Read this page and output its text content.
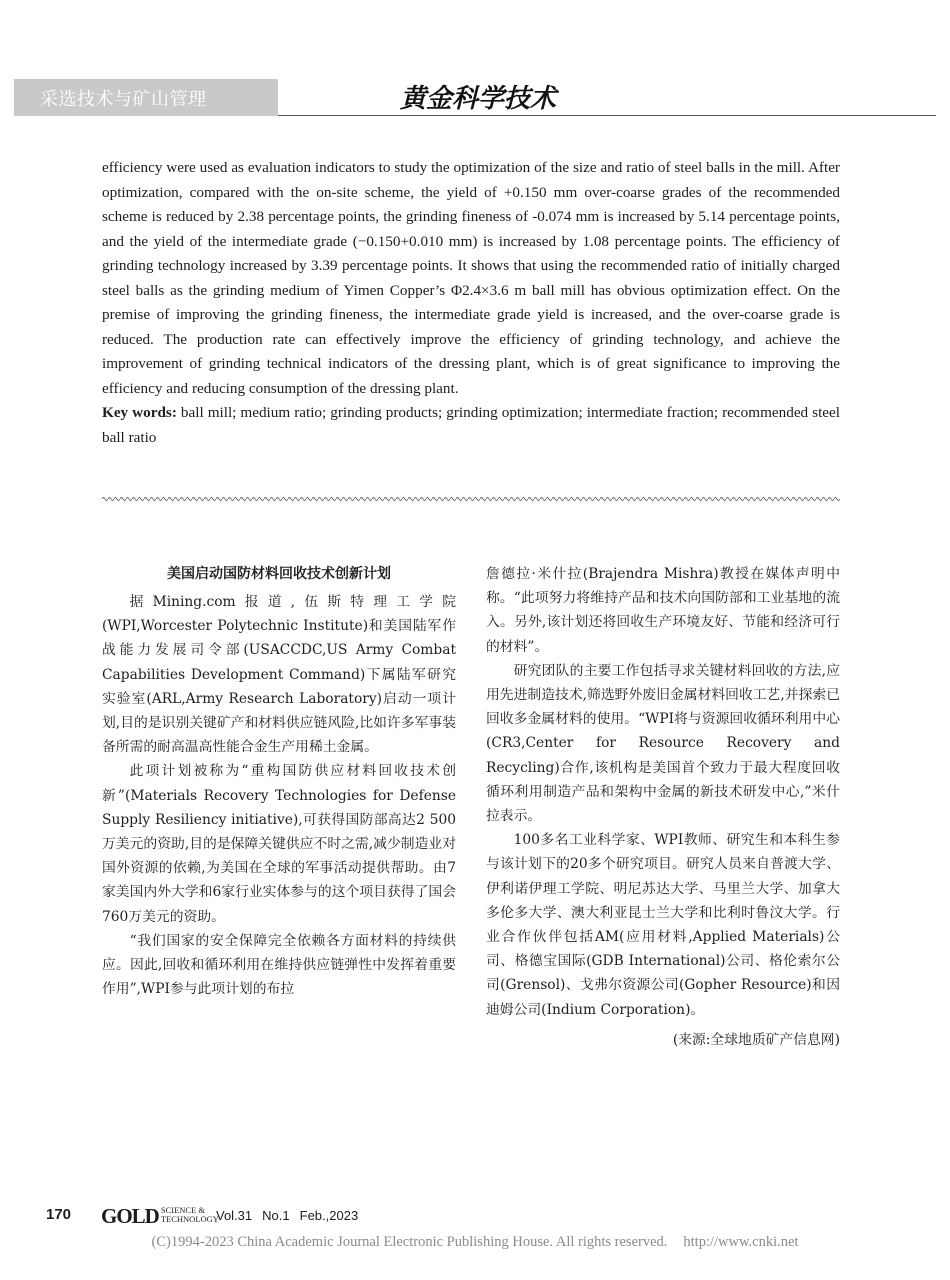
采选技术与矿山管理	黄金科学技术

efficiency were used as evaluation indicators to study the optimization of the size and ratio of steel balls in the mill. After optimization, compared with the on-site scheme, the yield of +0.150 mm over-coarse grades of the recommended scheme is reduced by 2.38 percentage points, the grinding fineness of -0.074 mm is increased by 5.14 percentage points, and the yield of the intermediate grade (−0.150+0.010 mm) is increased by 1.08 percentage points. The efficiency of grinding technology increased by 3.39 percentage points. It shows that using the recommended ratio of initially charged steel balls as the grinding medium of Yimen Copper’s Φ2.4×3.6 m ball mill has obvious optimization effect. On the premise of improving the grinding fineness, the intermediate grade yield is increased, and the over-coarse grade is reduced. The production rate can effectively improve the efficiency of grinding technology, and achieve the improvement of grinding technical indicators of the dressing plant, which is of great significance to improving the efficiency and reducing consumption of the dressing plant.

Key words: ball mill; medium ratio; grinding products; grinding optimization; intermediate fraction; recommended steel ball ratio

美国启动国防材料回收技术创新计划

据Mining.com报道,伍斯特理工学院(WPI,Worcester Polytechnic Institute)和美国陆军作战能力发展司令部(USACCDC,US Army Combat Capabilities Development Command)下属陆军研究实验室(ARL,Army Research Laboratory)启动一项计划,目的是识别关键矿产和材料供应链风险,比如许多军事装备所需的耐高温高性能合金生产用稀土金属。

此项计划被称为“重构国防供应材料回收技术创新”(Materials Recovery Technologies for Defense Supply Resiliency initiative),可获得国防部高达2 500万美元的资助,目的是保障关键供应不时之需,减少制造业对国外资源的依赖,为美国在全球的军事活动提供帮助。由7家美国内外大学和6家行业实体参与的这个项目获得了国会760万美元的资助。

“我们国家的安全保障完全依赖各方面材料的持续供应。因此,回收和循环利用在维持供应链弹性中发挥着重要作用”,WPI参与此项计划的布拉

詹德拉·米什拉(Brajendra Mishra)教授在媒体声明中称。“此项努力将维持产品和技术向国防部和工业基地的流入。另外,该计划还将回收生产环境友好、节能和经济可行的材料”。

研究团队的主要工作包括寻求关键材料回收的方法,应用先进制造技术,筛选野外废旧金属材料回收工艺,并探索已回收多金属材料的使用。“WPI将与资源回收循环利用中心(CR3,Center for Resource Recovery and Recycling)合作,该机构是美国首个致力于最大程度回收循环利用制造产品和架构中金属的新技术研发中心,”米什拉表示。

100多名工业科学家、WPI教师、研究生和本科生参与该计划下的20多个研究项目。研究人员来自普渡大学、伊利诺伊理工学院、明尼苏达大学、马里兰大学、加拿大多伦多大学、澳大利亚昆士兰大学和比利时鲁汶大学。行业合作伙伴包括AM(应用材料,Applied Materials)公司、格德宝国际(GDB International)公司、格伦索尔公司(Grensol)、戈弗尔资源公司(Gopher Resource)和因迪姆公司(Indium Corporation)。

(来源:全球地质矿产信息网)

170 GOLD SCIENCE &
TECHNOLOGY
Vol.31 No.1 Feb.,2023
(C)1994-2023 China Academic Journal Electronic Publishing House. All rights reserved. http://www.cnki.net
